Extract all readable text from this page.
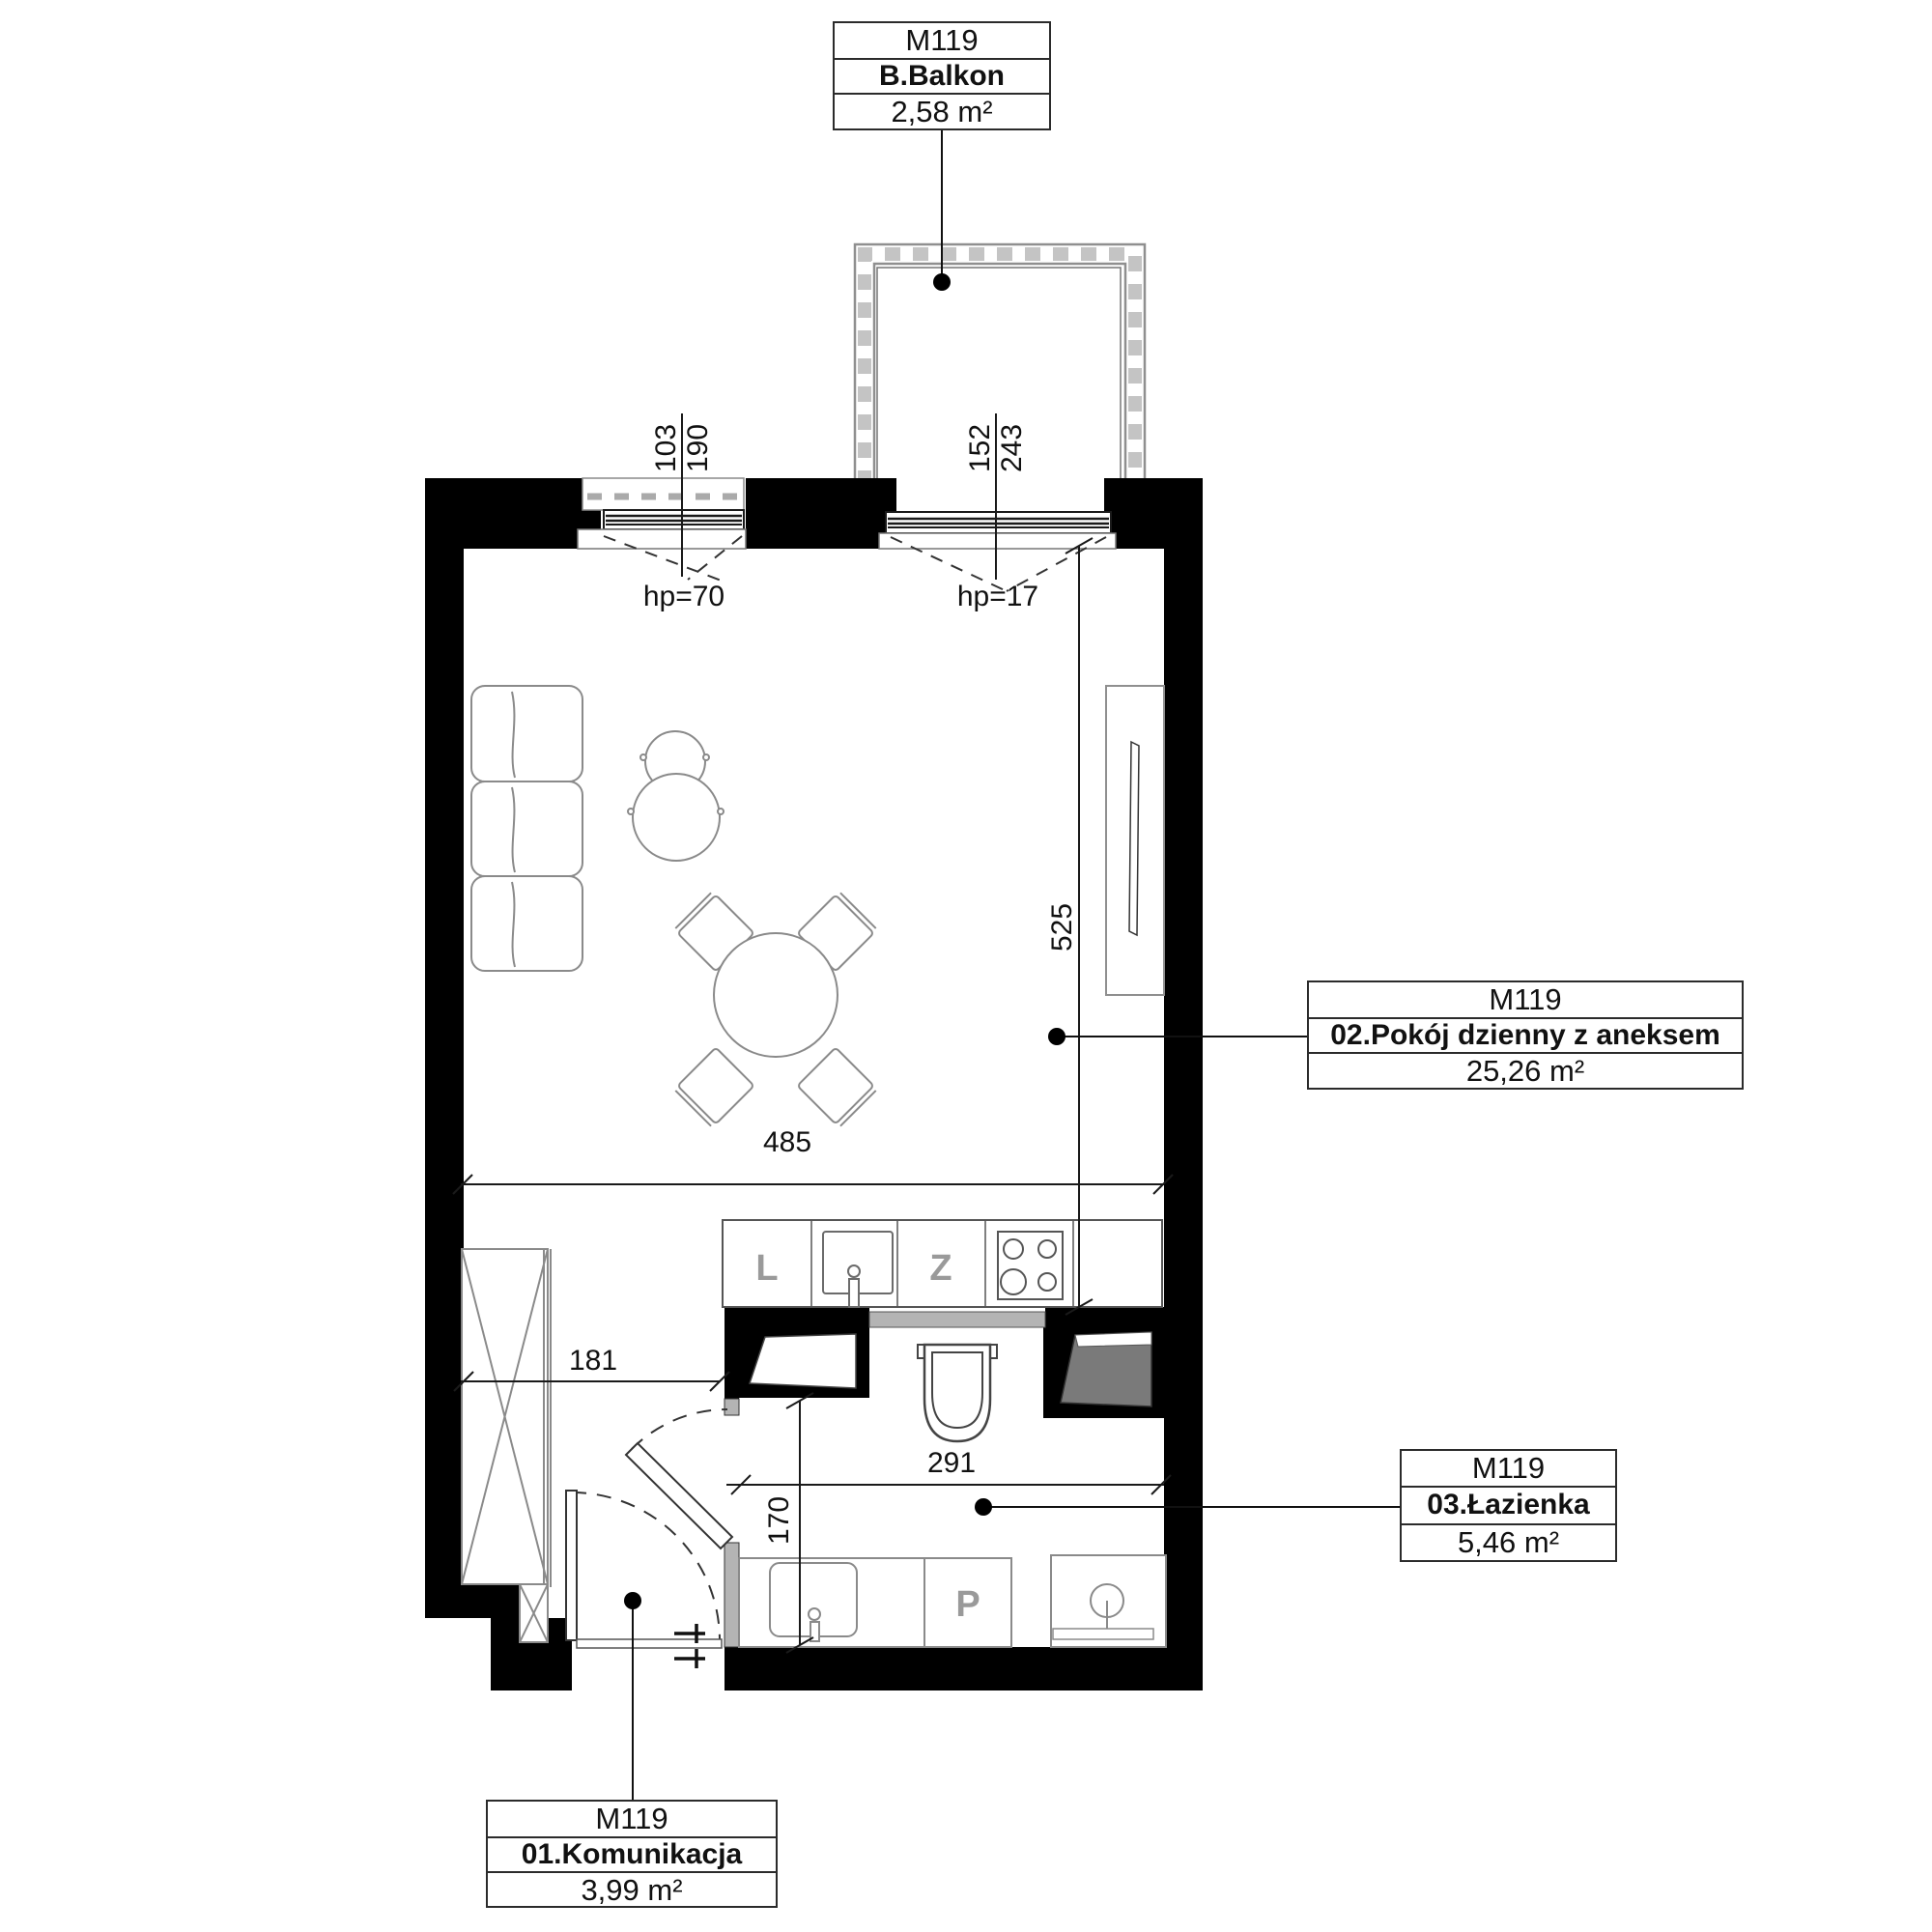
L	Z
P
103 190
hp=70
152 243
hp=17
525
485
181
291
170
M119
B.Balkon
2,58 m²
M119
02.Pokój dzienny z aneksem
25,26 m²
M119
03.Łazienka
5,46 m²
M119
01.Komunikacja
3,99 m²
